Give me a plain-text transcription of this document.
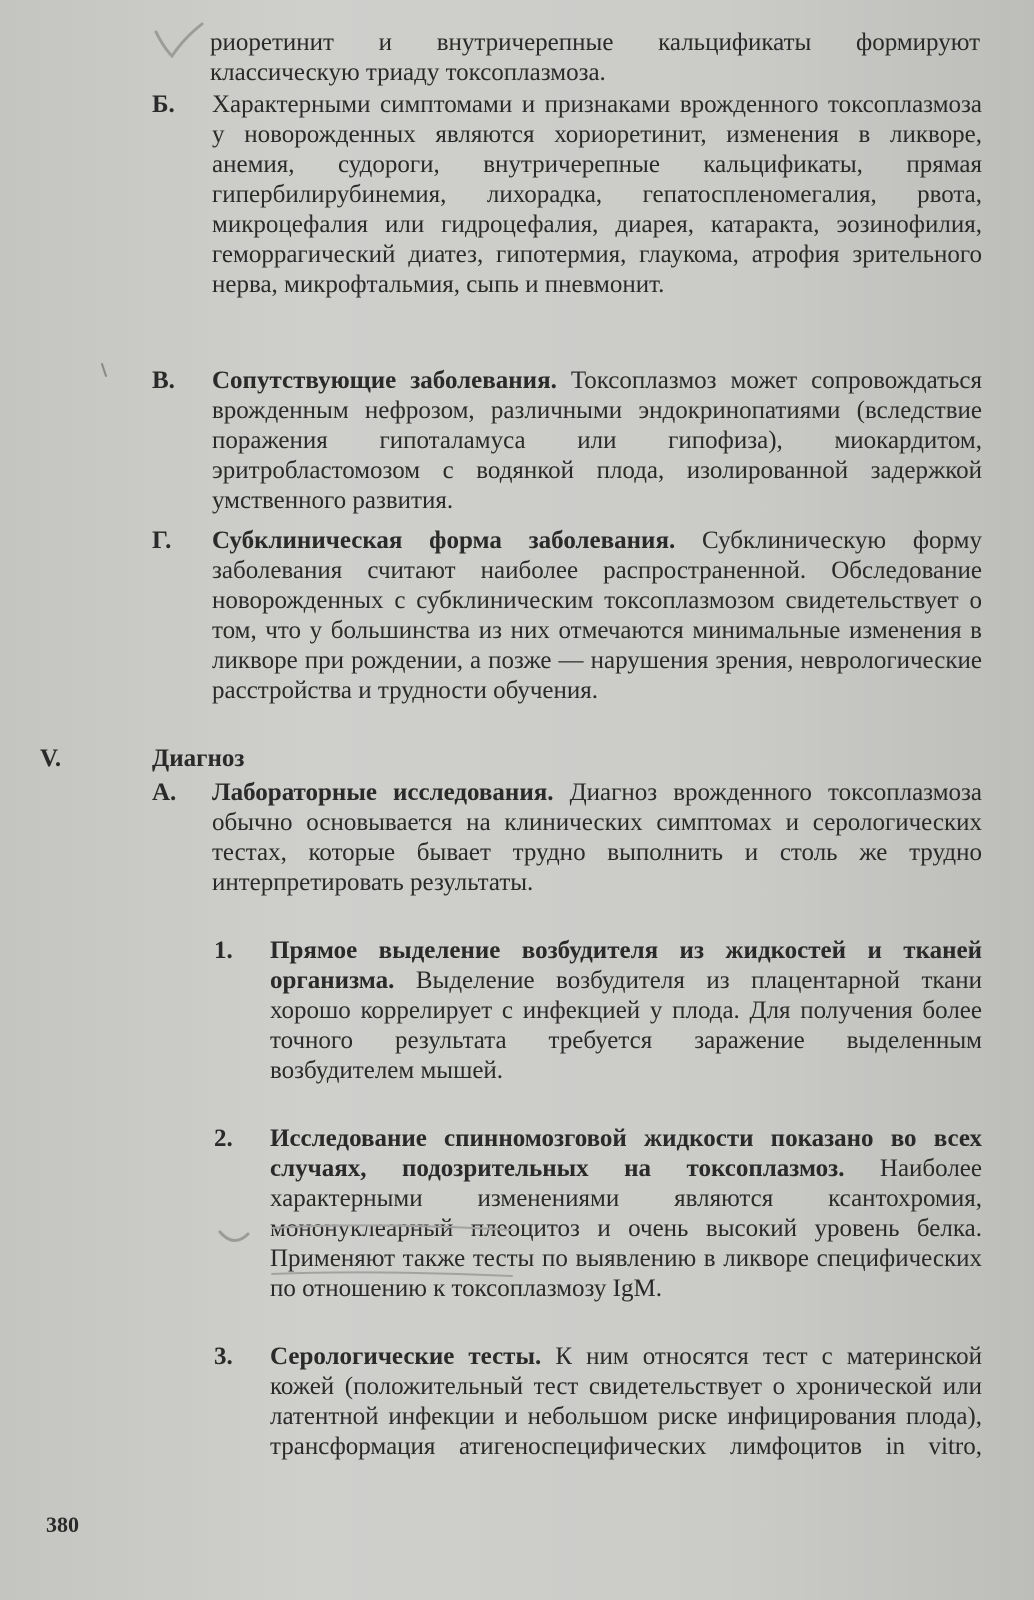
риоретинит и внутричерепные кальцификаты формируют классическую триаду токсоплазмоза.
Б. Характерными симптомами и признаками врожденного токсоплазмоза у новорожденных являются хориоретинит, изменения в ликворе, анемия, судороги, внутричерепные кальцификаты, прямая гипербилирубинемия, лихорадка, гепатоспленомегалия, рвота, микроцефалия или гидроцефалия, диарея, катаракта, эозинофилия, геморрагический диатез, гипотермия, глаукома, атрофия зрительного нерва, микрофтальмия, сыпь и пневмонит.
В. Сопутствующие заболевания. Токсоплазмоз может сопровождаться врожденным нефрозом, различными эндокринопатиями (вследствие поражения гипоталамуса или гипофиза), миокардитом, эритробластомозом с водянкой плода, изолированной задержкой умственного развития.
Г. Субклиническая форма заболевания. Субклиническую форму заболевания считают наиболее распространенной. Обследование новорожденных с субклиническим токсоплазмозом свидетельствует о том, что у большинства из них отмечаются минимальные изменения в ликворе при рождении, а позже — нарушения зрения, неврологические расстройства и трудности обучения.
V.	Диагноз
А. Лабораторные исследования. Диагноз врожденного токсоплазмоза обычно основывается на клинических симптомах и серологических тестах, которые бывает трудно выполнить и столь же трудно интерпретировать результаты.
1. Прямое выделение возбудителя из жидкостей и тканей организма. Выделение возбудителя из плацентарной ткани хорошо коррелирует с инфекцией у плода. Для получения более точного результата требуется заражение выделенным возбудителем мышей.
2. Исследование спинномозговой жидкости показано во всех случаях, подозрительных на токсоплазмоз. Наиболее характерными изменениями являются ксантохромия, мононуклеарный плеоцитоз и очень высокий уровень белка. Применяют также тесты по выявлению в ликворе специфических по отношению к токсоплазмозу IgM.
3. Серологические тесты. К ним относятся тест с материнской кожей (положительный тест свидетельствует о хронической или латентной инфекции и небольшом риске инфицирования плода), трансформация атигеноспецифических лимфоцитов in vitro,
380
